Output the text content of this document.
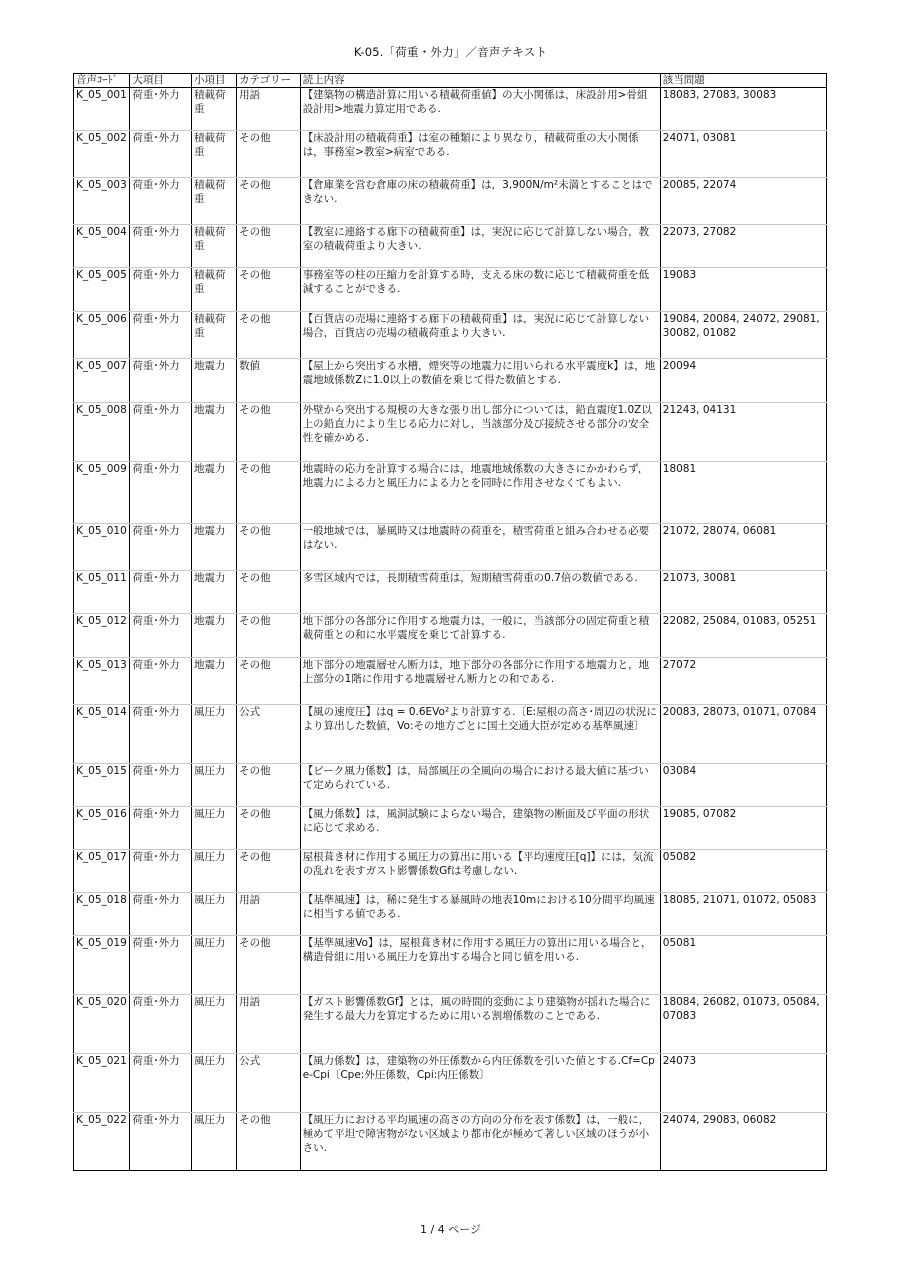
K-05.「荷重・外力」／音声テキスト
音声ｺｰﾄﾞ	大項目	小項目	カテゴリー	読上内容	該当問題
K_05_001	荷重･外力	積載荷重	用語	【建築物の構造計算に用いる積載荷重値】の大小関係は，床設計用>骨組設計用>地震力算定用である.	18083, 27083, 30083
K_05_002	荷重･外力	積載荷重	その他	【床設計用の積載荷重】は室の種類により異なり，積載荷重の大小関係は，事務室>教室>病室である.	24071, 03081
K_05_003	荷重･外力	積載荷重	その他	【倉庫業を営む倉庫の床の積載荷重】は，3,900N/m²未満とすることはできない.	20085, 22074
K_05_004	荷重･外力	積載荷重	その他	【教室に連絡する廊下の積載荷重】は，実況に応じて計算しない場合，教室の積載荷重より大きい.	22073, 27082
K_05_005	荷重･外力	積載荷重	その他	事務室等の柱の圧縮力を計算する時，支える床の数に応じて積載荷重を低減することができる.	19083
K_05_006	荷重･外力	積載荷重	その他	【百貨店の売場に連絡する廊下の積載荷重】は，実況に応じて計算しない場合，百貨店の売場の積載荷重より大きい.	19084, 20084, 24072, 29081, 30082, 01082
K_05_007	荷重･外力	地震力	数値	【屋上から突出する水槽，煙突等の地震力に用いられる水平震度k】は，地震地域係数Zに1.0以上の数値を乗じて得た数値とする.	20094
K_05_008	荷重･外力	地震力	その他	外壁から突出する規模の大きな張り出し部分については，鉛直震度1.0Z以上の鉛直力により生じる応力に対し，当該部分及び接続させる部分の安全性を確かめる.	21243, 04131
K_05_009	荷重･外力	地震力	その他	地震時の応力を計算する場合には，地震地域係数の大きさにかかわらず，地震力による力と風圧力による力とを同時に作用させなくてもよい.	18081
K_05_010	荷重･外力	地震力	その他	一般地域では，暴風時又は地震時の荷重を，積雪荷重と組み合わせる必要はない.	21072, 28074, 06081
K_05_011	荷重･外力	地震力	その他	多雪区域内では，長期積雪荷重は，短期積雪荷重の0.7倍の数値である.	21073, 30081
K_05_012	荷重･外力	地震力	その他	地下部分の各部分に作用する地震力は，一般に，当該部分の固定荷重と積載荷重との和に水平震度を乗じて計算する.	22082, 25084, 01083, 05251
K_05_013	荷重･外力	地震力	その他	地下部分の地震層せん断力は，地下部分の各部分に作用する地震力と，地上部分の1階に作用する地震層せん断力との和である.	27072
K_05_014	荷重･外力	風圧力	公式	【風の速度圧】はq = 0.6EVo²より計算する.〔E:屋根の高さ･周辺の状況により算出した数値，Vo:その地方ごとに国土交通大臣が定める基準風速〕	20083, 28073, 01071, 07084
K_05_015	荷重･外力	風圧力	その他	【ピーク風力係数】は，局部風圧の全風向の場合における最大値に基づいて定められている.	03084
K_05_016	荷重･外力	風圧力	その他	【風力係数】は，風洞試験によらない場合，建築物の断面及び平面の形状に応じて求める.	19085, 07082
K_05_017	荷重･外力	風圧力	その他	屋根葺き材に作用する風圧力の算出に用いる【平均速度圧[q]】には，気流の乱れを表すガスト影響係数Gfは考慮しない.	05082
K_05_018	荷重･外力	風圧力	用語	【基準風速】は，稀に発生する暴風時の地表10mにおける10分間平均風速に相当する値である.	18085, 21071, 01072, 05083
K_05_019	荷重･外力	風圧力	その他	【基準風速Vo】は，屋根葺き材に作用する風圧力の算出に用いる場合と，構造骨組に用いる風圧力を算出する場合と同じ値を用いる.	05081
K_05_020	荷重･外力	風圧力	用語	【ガスト影響係数Gf】とは，風の時間的変動により建築物が揺れた場合に発生する最大力を算定するために用いる割増係数のことである.	18084, 26082, 01073, 05084, 07083
K_05_021	荷重･外力	風圧力	公式	【風力係数】は，建築物の外圧係数から内圧係数を引いた値とする.Cf=Cpe-Cpi〔Cpe:外圧係数，Cpi:内圧係数〕	24073
K_05_022	荷重･外力	風圧力	その他	【風圧力における平均風速の高さの方向の分布を表す係数】は，一般に，極めて平坦で障害物がない区域より都市化が極めて著しい区域のほうが小さい.	24074, 29083, 06082
1 / 4 ページ
